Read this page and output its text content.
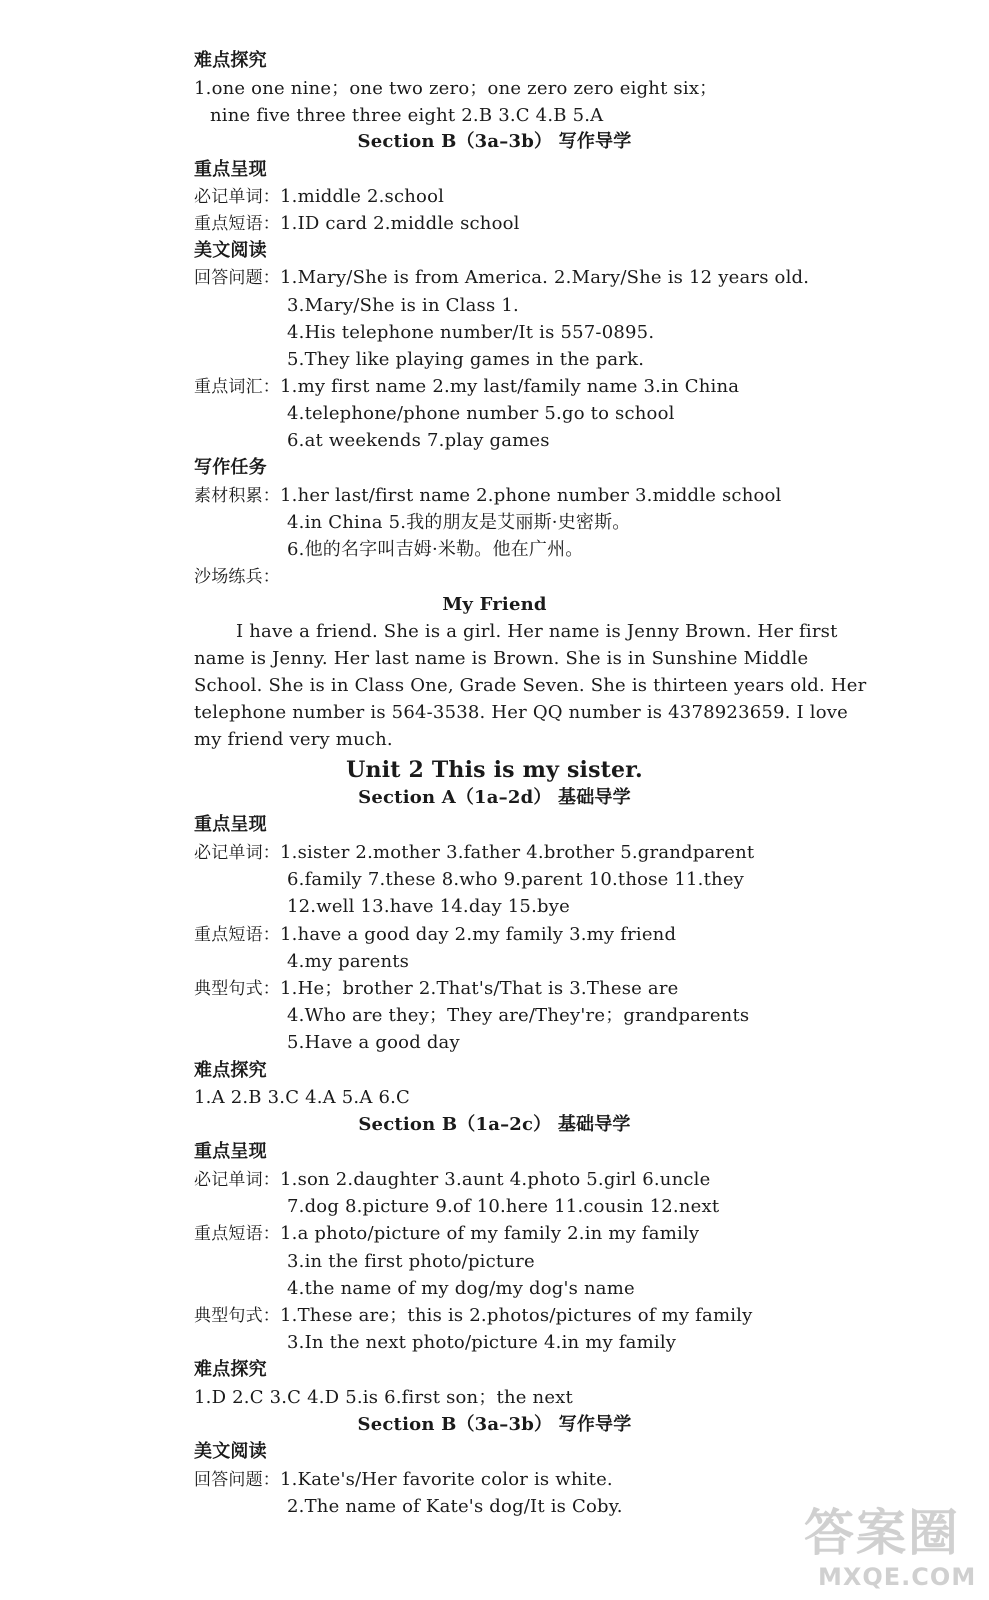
难点探究
1.one one nine；one two zero；one zero zero eight six；
nine five three three eight 2.B 3.C 4.B 5.A
Section B（3a–3b） 写作导学
重点呈现
必记单词：1.middle 2.school
重点短语：1.ID card 2.middle school
美文阅读
回答问题：1.Mary/She is from America. 2.Mary/She is 12 years old.
3.Mary/She is in Class 1.
4.His telephone number/It is 557-0895.
5.They like playing games in the park.
重点词汇：1.my first name 2.my last/family name 3.in China
4.telephone/phone number 5.go to school
6.at weekends 7.play games
写作任务
素材积累：1.her last/first name 2.phone number 3.middle school
4.in China 5.我的朋友是艾丽斯·史密斯。
6.他的名字叫吉姆·米勒。他在广州。
沙场练兵：
My Friend
I have a friend. She is a girl. Her name is Jenny Brown. Her first
name is Jenny. Her last name is Brown. She is in Sunshine Middle
School. She is in Class One, Grade Seven. She is thirteen years old. Her
telephone number is 564-3538. Her QQ number is 4378923659. I love
my friend very much.
Unit 2 This is my sister.
Section A（1a–2d） 基础导学
重点呈现
必记单词：1.sister 2.mother 3.father 4.brother 5.grandparent
6.family 7.these 8.who 9.parent 10.those 11.they
12.well 13.have 14.day 15.bye
重点短语：1.have a good day 2.my family 3.my friend
4.my parents
典型句式：1.He；brother 2.That's/That is 3.These are
4.Who are they；They are/They're；grandparents
5.Have a good day
难点探究
1.A 2.B 3.C 4.A 5.A 6.C
Section B（1a–2c） 基础导学
重点呈现
必记单词：1.son 2.daughter 3.aunt 4.photo 5.girl 6.uncle
7.dog 8.picture 9.of 10.here 11.cousin 12.next
重点短语：1.a photo/picture of my family 2.in my family
3.in the first photo/picture
4.the name of my dog/my dog's name
典型句式：1.These are；this is 2.photos/pictures of my family
3.In the next photo/picture 4.in my family
难点探究
1.D 2.C 3.C 4.D 5.is 6.first son；the next
Section B（3a–3b） 写作导学
美文阅读
回答问题：1.Kate's/Her favorite color is white.
2.The name of Kate's dog/It is Coby.	答案圈
MXQE.COM
